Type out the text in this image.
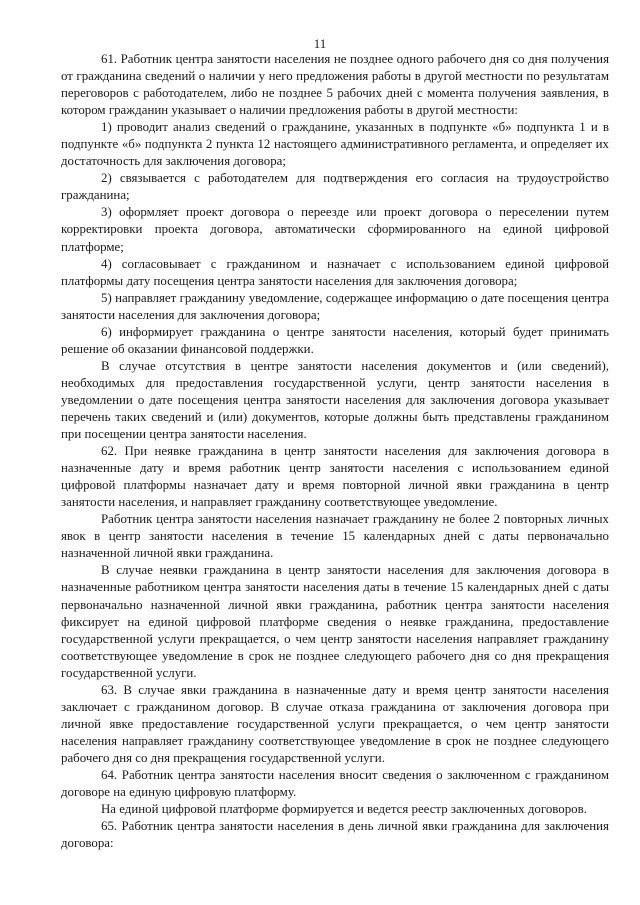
11

61. Работник центра занятости населения не позднее одного рабочего дня со дня получения от гражданина сведений о наличии у него предложения работы в другой местности по результатам переговоров с работодателем, либо не позднее 5 рабочих дней с момента получения заявления, в котором гражданин указывает о наличии предложения работы в другой местности:

1) проводит анализ сведений о гражданине, указанных в подпункте «б» подпункта 1 и в подпункте «б» подпункта 2 пункта 12 настоящего административного регламента, и определяет их достаточность для заключения договора;

2) связывается с работодателем для подтверждения его согласия на трудоустройство гражданина;

3) оформляет проект договора о переезде или проект договора о переселении путем корректировки проекта договора, автоматически сформированного на единой цифровой платформе;

4) согласовывает с гражданином и назначает с использованием единой цифровой платформы дату посещения центра занятости населения для заключения договора;

5) направляет гражданину уведомление, содержащее информацию о дате посещения центра занятости населения для заключения договора;

6) информирует гражданина о центре занятости населения, который будет принимать решение об оказании финансовой поддержки.

В случае отсутствия в центре занятости населения документов и (или сведений), необходимых для предоставления государственной услуги, центр занятости населения в уведомлении о дате посещения центра занятости населения для заключения договора указывает перечень таких сведений и (или) документов, которые должны быть представлены гражданином при посещении центра занятости населения.

62. При неявке гражданина в центр занятости населения для заключения договора в назначенные дату и время работник центр занятости населения с использованием единой цифровой платформы назначает дату и время повторной личной явки гражданина в центр занятости населения, и направляет гражданину соответствующее уведомление.

Работник центра занятости населения назначает гражданину не более 2 повторных личных явок в центр занятости населения в течение 15 календарных дней с даты первоначально назначенной личной явки гражданина.

В случае неявки гражданина в центр занятости населения для заключения договора в назначенные работником центра занятости населения даты в течение 15 календарных дней с даты первоначально назначенной личной явки гражданина, работник центра занятости населения фиксирует на единой цифровой платформе сведения о неявке гражданина, предоставление государственной услуги прекращается, о чем центр занятости населения направляет гражданину соответствующее уведомление в срок не позднее следующего рабочего дня со дня прекращения государственной услуги.

63. В случае явки гражданина в назначенные дату и время центр занятости населения заключает с гражданином договор. В случае отказа гражданина от заключения договора при личной явке предоставление государственной услуги прекращается, о чем центр занятости населения направляет гражданину соответствующее уведомление в срок не позднее следующего рабочего дня со дня прекращения государственной услуги.

64. Работник центра занятости населения вносит сведения о заключенном с гражданином договоре на единую цифровую платформу.

На единой цифровой платформе формируется и ведется реестр заключенных договоров.

65. Работник центра занятости населения в день личной явки гражданина для заключения договора:
